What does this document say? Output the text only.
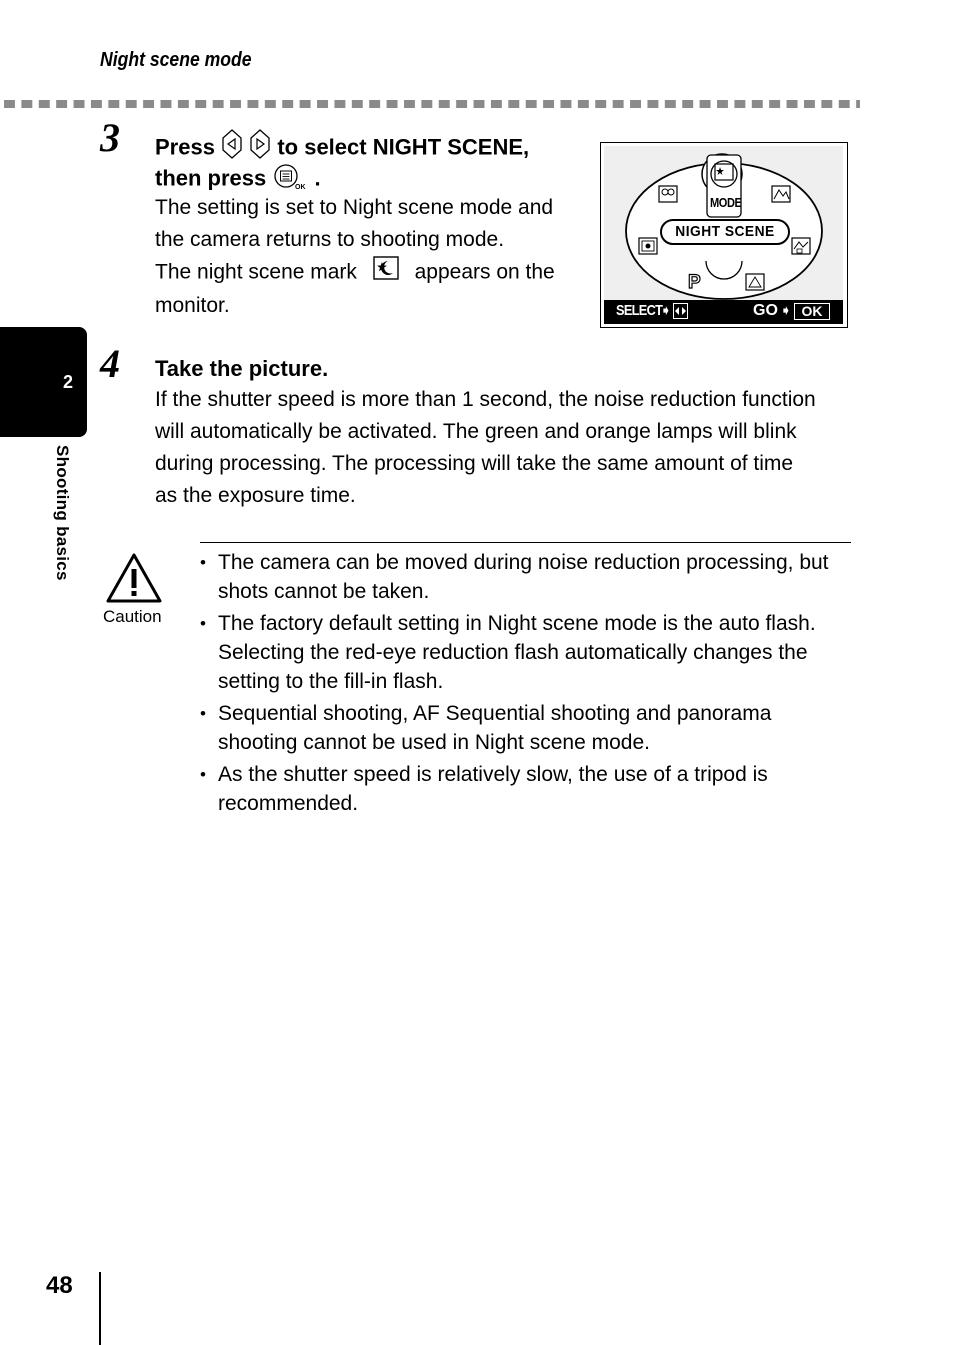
Night scene mode
2
Shooting basics
3 Press	to select NIGHT SCENE,
then press	OK .
The setting is set to Night scene mode and
the camera returns to shooting mode.
The night scene mark	appears on the
monitor.
MODE
NIGHT SCENE
P
SELECT
➧	GO ➧ OK
4 Take the picture.
If the shutter speed is more than 1 second, the noise reduction function
will automatically be activated. The green and orange lamps will blink
during processing. The processing will take the same amount of time
as the exposure time.
Caution
• The camera can be moved during noise reduction processing, but shots cannot be taken.
• The factory default setting in Night scene mode is the auto flash. Selecting the red-eye reduction flash automatically changes the setting to the fill-in flash.
• Sequential shooting, AF Sequential shooting and panorama shooting cannot be used in Night scene mode.
• As the shutter speed is relatively slow, the use of a tripod is recommended.
48
